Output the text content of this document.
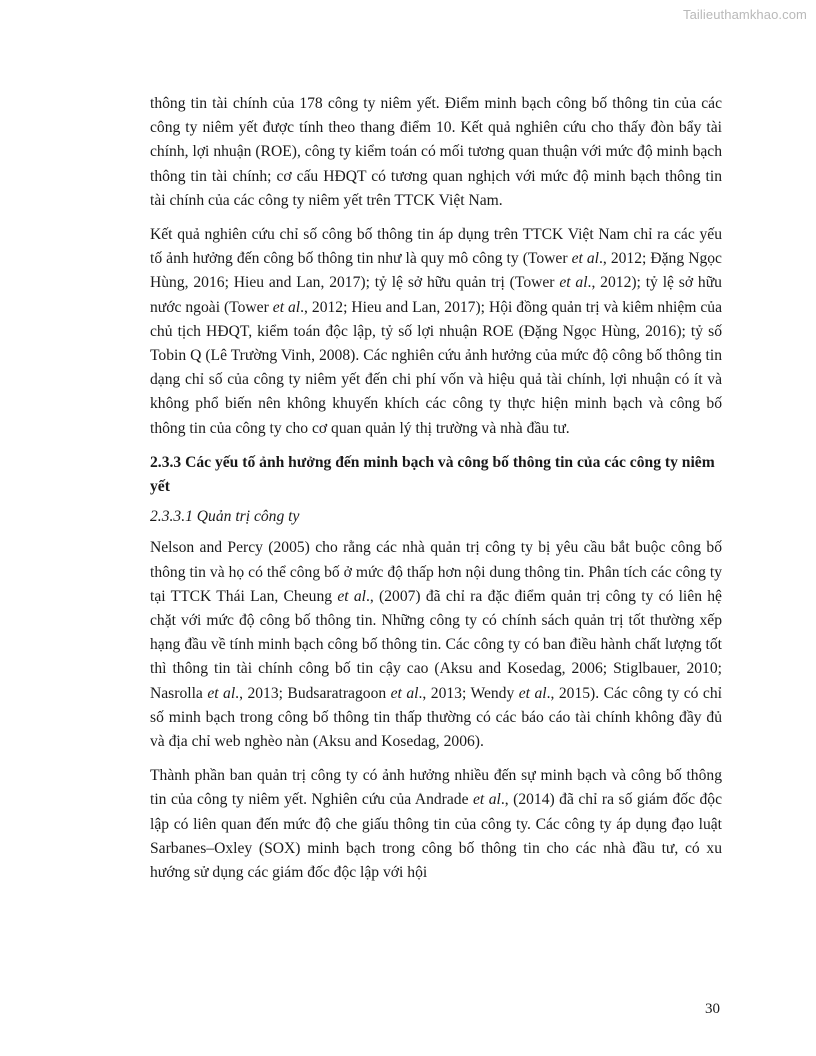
Tailieuthamkhao.com

thông tin tài chính của 178 công ty niêm yết. Điểm minh bạch công bố thông tin của các công ty niêm yết được tính theo thang điểm 10. Kết quả nghiên cứu cho thấy đòn bẩy tài chính, lợi nhuận (ROE), công ty kiểm toán có mối tương quan thuận với mức độ minh bạch thông tin tài chính; cơ cấu HĐQT có tương quan nghịch với mức độ minh bạch thông tin tài chính của các công ty niêm yết trên TTCK Việt Nam.

Kết quả nghiên cứu chỉ số công bố thông tin áp dụng trên TTCK Việt Nam chỉ ra các yếu tố ảnh hưởng đến công bố thông tin như là quy mô công ty (Tower et al., 2012; Đặng Ngọc Hùng, 2016; Hieu and Lan, 2017); tỷ lệ sở hữu quản trị (Tower et al., 2012); tỷ lệ sở hữu nước ngoài (Tower et al., 2012; Hieu and Lan, 2017); Hội đồng quản trị và kiêm nhiệm của chủ tịch HĐQT, kiểm toán độc lập, tỷ số lợi nhuận ROE (Đặng Ngọc Hùng, 2016); tỷ số Tobin Q (Lê Trường Vinh, 2008). Các nghiên cứu ảnh hưởng của mức độ công bố thông tin dạng chỉ số của công ty niêm yết đến chi phí vốn và hiệu quả tài chính, lợi nhuận có ít và không phổ biến nên không khuyến khích các công ty thực hiện minh bạch và công bố thông tin của công ty cho cơ quan quản lý thị trường và nhà đầu tư.

2.3.3 Các yếu tố ảnh hưởng đến minh bạch và công bố thông tin của các công ty niêm yết
2.3.3.1 Quản trị công ty

Nelson and Percy (2005) cho rằng các nhà quản trị công ty bị yêu cầu bắt buộc công bố thông tin và họ có thể công bố ở mức độ thấp hơn nội dung thông tin. Phân tích các công ty tại TTCK Thái Lan, Cheung et al., (2007) đã chỉ ra đặc điểm quản trị công ty có liên hệ chặt với mức độ công bố thông tin. Những công ty có chính sách quản trị tốt thường xếp hạng đầu về tính minh bạch công bố thông tin. Các công ty có ban điều hành chất lượng tốt thì thông tin tài chính công bố tin cậy cao (Aksu and Kosedag, 2006; Stiglbauer, 2010; Nasrolla et al., 2013; Budsaratragoon et al., 2013; Wendy et al., 2015). Các công ty có chỉ số minh bạch trong công bố thông tin thấp thường có các báo cáo tài chính không đầy đủ và địa chỉ web nghèo nàn (Aksu and Kosedag, 2006).

Thành phần ban quản trị công ty có ảnh hưởng nhiều đến sự minh bạch và công bố thông tin của công ty niêm yết. Nghiên cứu của Andrade et al., (2014) đã chỉ ra số giám đốc độc lập có liên quan đến mức độ che giấu thông tin của công ty. Các công ty áp dụng đạo luật Sarbanes–Oxley (SOX) minh bạch trong công bố thông tin cho các nhà đầu tư, có xu hướng sử dụng các giám đốc độc lập với hội

30
